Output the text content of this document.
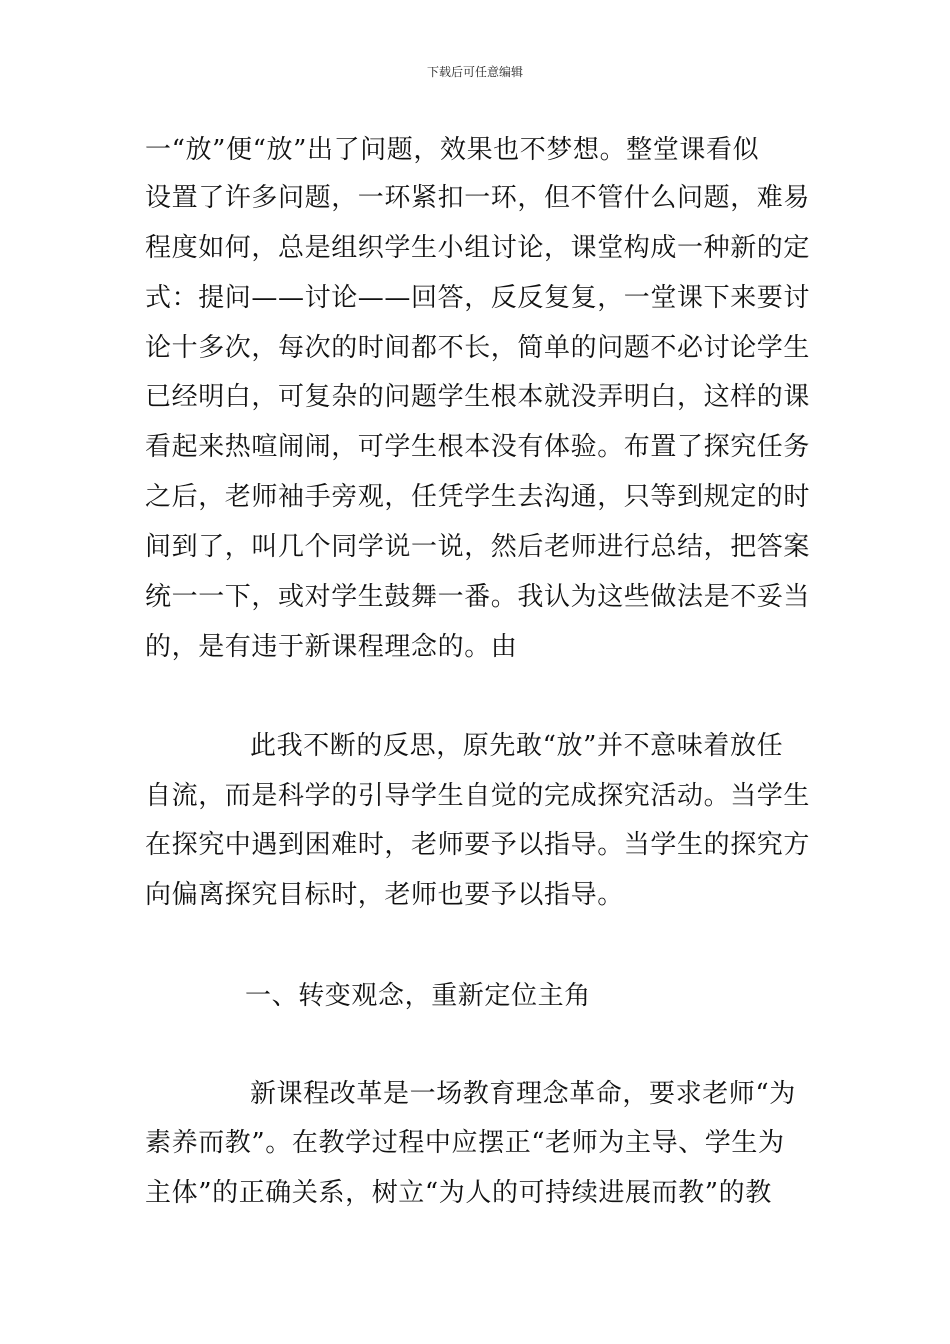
下载后可任意编辑
一“放”便“放”出了问题，效果也不梦想。整堂课看似
设置了许多问题，一环紧扣一环，但不管什么问题，难易
程度如何，总是组织学生小组讨论，课堂构成一种新的定
式：提问——讨论——回答，反反复复，一堂课下来要讨
论十多次，每次的时间都不长，简单的问题不必讨论学生
已经明白，可复杂的问题学生根本就没弄明白，这样的课
看起来热喧闹闹，可学生根本没有体验。布置了探究任务
之后，老师袖手旁观，任凭学生去沟通，只等到规定的时
间到了，叫几个同学说一说，然后老师进行总结，把答案
统一一下，或对学生鼓舞一番。我认为这些做法是不妥当
的，是有违于新课程理念的。由
此我不断的反思，原先敢“放”并不意味着放任
自流，而是科学的引导学生自觉的完成探究活动。当学生
在探究中遇到困难时，老师要予以指导。当学生的探究方
向偏离探究目标时，老师也要予以指导。
一、转变观念，重新定位主角
新课程改革是一场教育理念革命，要求老师“为
素养而教”。在教学过程中应摆正“老师为主导、学生为
主体”的正确关系，树立“为人的可持续进展而教”的教
